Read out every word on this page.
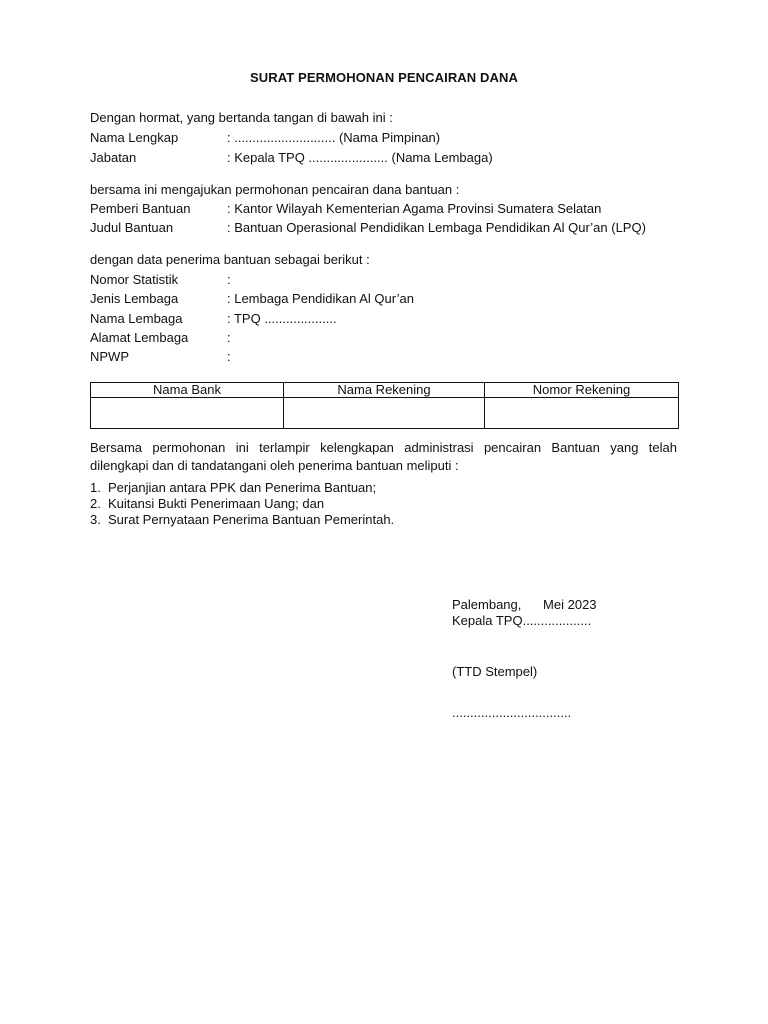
SURAT PERMOHONAN PENCAIRAN DANA
Dengan hormat, yang bertanda tangan di bawah ini :
Nama Lengkap	: ............................ (Nama Pimpinan)
Jabatan	: Kepala TPQ ...................... (Nama Lembaga)
bersama ini mengajukan permohonan pencairan dana bantuan :
Pemberi Bantuan	: Kantor Wilayah Kementerian Agama Provinsi Sumatera Selatan
Judul Bantuan	: Bantuan Operasional Pendidikan Lembaga Pendidikan Al Qur’an (LPQ)
dengan data penerima bantuan sebagai berikut :
Nomor Statistik	:
Jenis Lembaga	: Lembaga Pendidikan Al Qur’an
Nama Lembaga	: TPQ ....................
Alamat Lembaga	:
NPWP	:
Nama Bank	Nama Rekening	Nomor Rekening

Bersama permohonan ini terlampir kelengkapan administrasi pencairan Bantuan yang telah
dilengkapi dan di tandatangani oleh penerima bantuan meliputi :
1. Perjanjian antara PPK dan Penerima Bantuan;
2. Kuitansi Bukti Penerimaan Uang; dan
3. Surat Pernyataan Penerima Bantuan Pemerintah.
Palembang,      Mei 2023
Kepala TPQ...................
(TTD Stempel)
.................................
